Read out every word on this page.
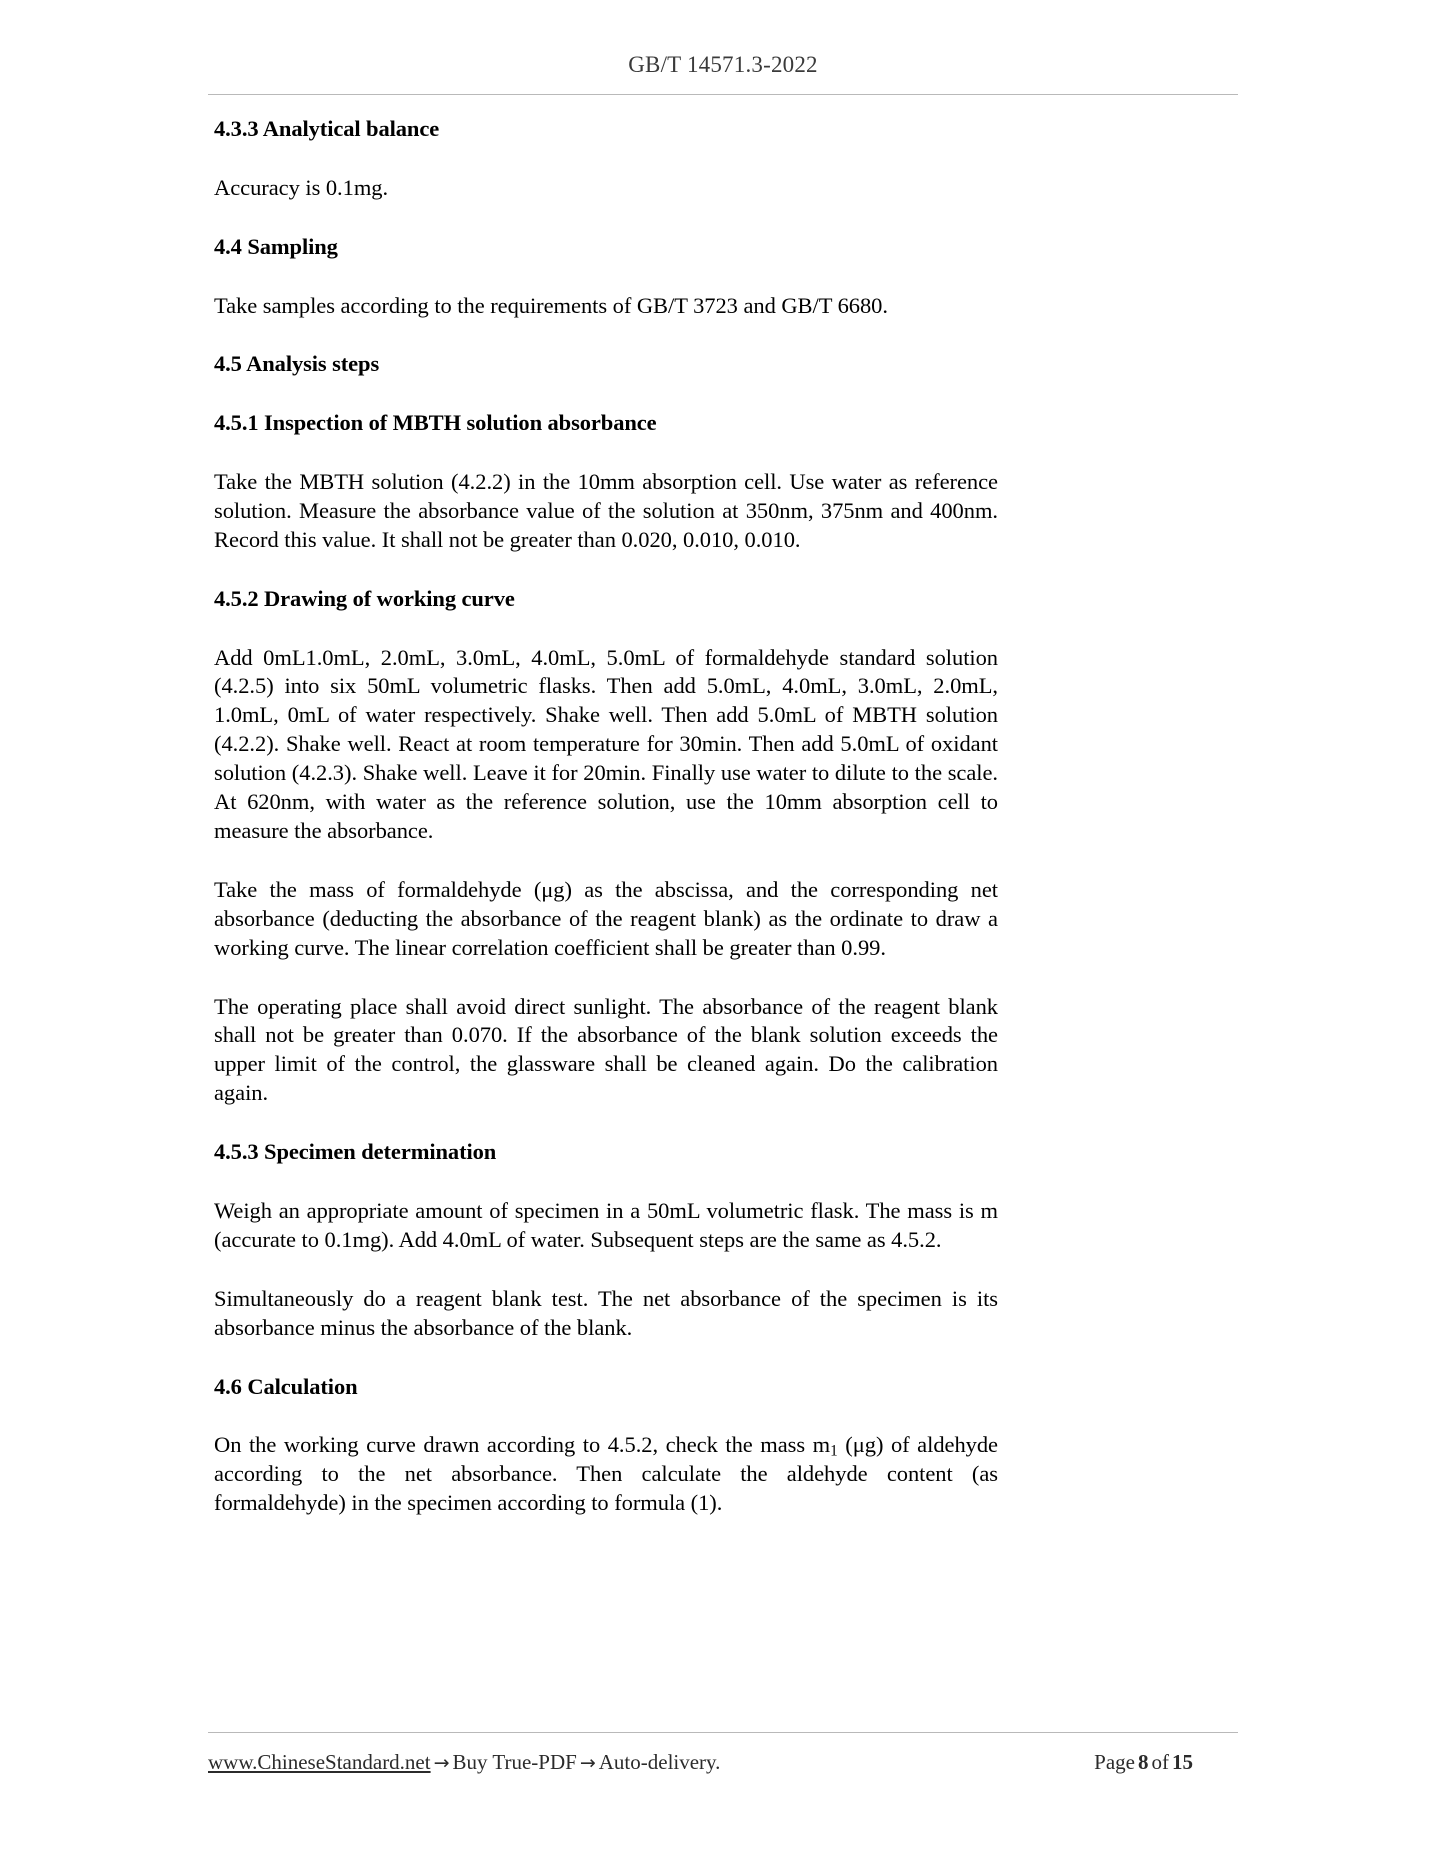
GB/T 14571.3-2022
4.3.3 Analytical balance

Accuracy is 0.1mg.

4.4 Sampling

Take samples according to the requirements of GB/T 3723 and GB/T 6680.

4.5 Analysis steps
4.5.1 Inspection of MBTH solution absorbance

Take the MBTH solution (4.2.2) in the 10mm absorption cell. Use water as reference solution. Measure the absorbance value of the solution at 350nm, 375nm and 400nm. Record this value. It shall not be greater than 0.020, 0.010, 0.010.

4.5.2 Drawing of working curve

Add 0mL1.0mL, 2.0mL, 3.0mL, 4.0mL, 5.0mL of formaldehyde standard solution (4.2.5) into six 50mL volumetric flasks. Then add 5.0mL, 4.0mL, 3.0mL, 2.0mL, 1.0mL, 0mL of water respectively. Shake well. Then add 5.0mL of MBTH solution (4.2.2). Shake well. React at room temperature for 30min. Then add 5.0mL of oxidant solution (4.2.3). Shake well. Leave it for 20min. Finally use water to dilute to the scale. At 620nm, with water as the reference solution, use the 10mm absorption cell to measure the absorbance.

Take the mass of formaldehyde (μg) as the abscissa, and the corresponding net absorbance (deducting the absorbance of the reagent blank) as the ordinate to draw a working curve. The linear correlation coefficient shall be greater than 0.99.

The operating place shall avoid direct sunlight. The absorbance of the reagent blank shall not be greater than 0.070. If the absorbance of the blank solution exceeds the upper limit of the control, the glassware shall be cleaned again. Do the calibration again.

4.5.3 Specimen determination

Weigh an appropriate amount of specimen in a 50mL volumetric flask. The mass is m (accurate to 0.1mg). Add 4.0mL of water. Subsequent steps are the same as 4.5.2.

Simultaneously do a reagent blank test. The net absorbance of the specimen is its absorbance minus the absorbance of the blank.

4.6 Calculation

On the working curve drawn according to 4.5.2, check the mass $m_1$ (μg) of aldehyde according to the net absorbance. Then calculate the aldehyde content (as formaldehyde) in the specimen according to formula (1).

www.ChineseStandard.net → Buy True-PDF → Auto-delivery.	Page 8 of 15
